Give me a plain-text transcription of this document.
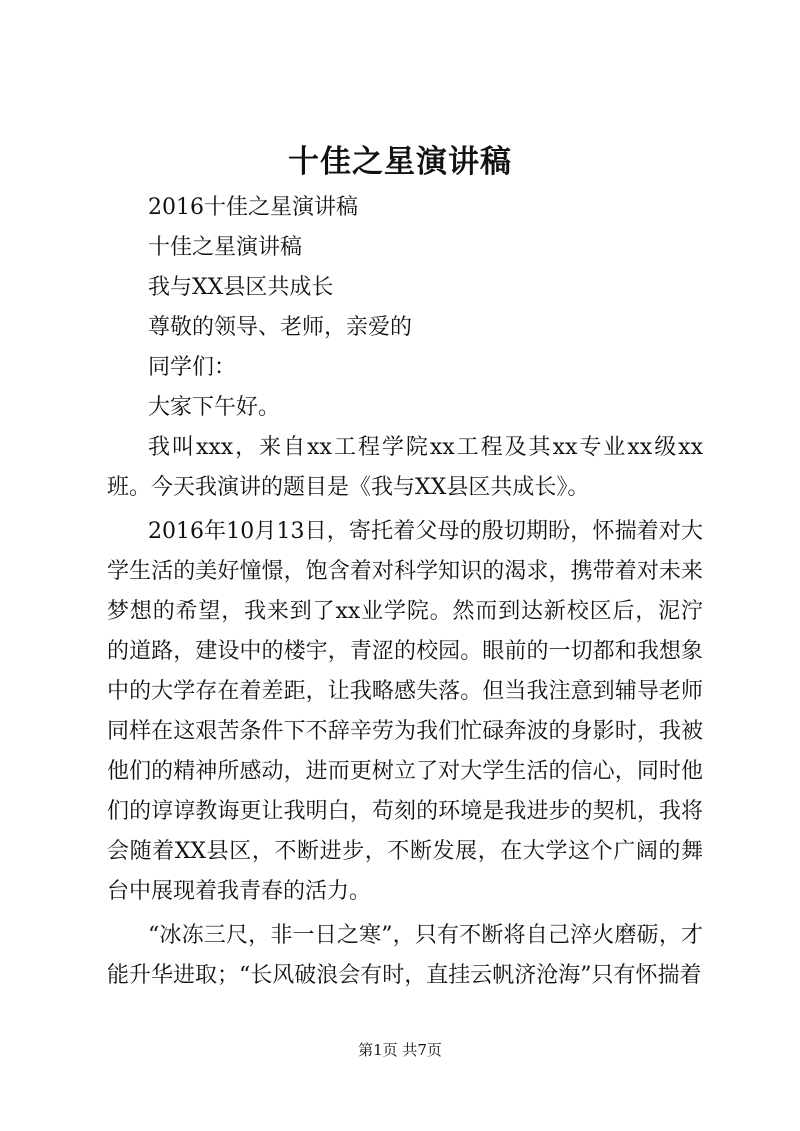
十佳之星演讲稿

2016十佳之星演讲稿

十佳之星演讲稿

我与XX县区共成长

尊敬的领导、老师，亲爱的

同学们：

大家下午好。

我叫xxx，来自xx工程学院xx工程及其xx专业xx级xx班。今天我演讲的题目是《我与XX县区共成长》。

2016年10月13日，寄托着父母的殷切期盼，怀揣着对大学生活的美好憧憬，饱含着对科学知识的渴求，携带着对未来梦想的希望，我来到了xx业学院。然而到达新校区后，泥泞的道路，建设中的楼宇，青涩的校园。眼前的一切都和我想象中的大学存在着差距，让我略感失落。但当我注意到辅导老师同样在这艰苦条件下不辞辛劳为我们忙碌奔波的身影时，我被他们的精神所感动，进而更树立了对大学生活的信心，同时他们的谆谆教诲更让我明白，苟刻的环境是我进步的契机，我将会随着XX县区，不断进步，不断发展，在大学这个广阔的舞台中展现着我青春的活力。

“冰冻三尺，非一日之寒”，只有不断将自己淬火磨砺，才能升华进取；“长风破浪会有时，直挂云帆济沧海”只有怀揣着

第1页 共7页
